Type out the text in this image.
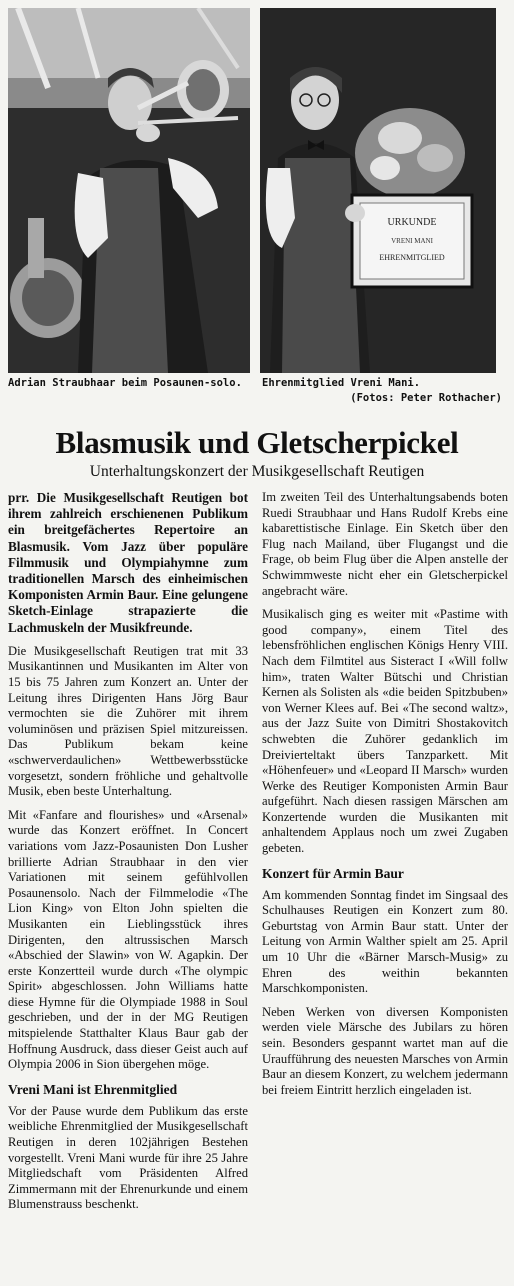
URKUNDE
VRENI MANI
EHRENMITGLIED
Adrian Straubhaar beim Posaunen-solo.	Ehrenmitglied Vreni Mani.
(Fotos: Peter Rothacher)
Blasmusik und Gletscherpickel
Unterhaltungskonzert der Musikgesellschaft Reutigen

prr. Die Musikgesellschaft Reutigen bot ihrem zahlreich erschienenen Publikum ein breitgefächertes Repertoire an Blasmusik. Vom Jazz über populäre Filmmusik und Olympiahymne zum traditionellen Marsch des einheimischen Komponisten Armin Baur. Eine gelungene Sketch-Einlage strapazierte die Lachmuskeln der Musikfreunde.

Die Musikgesellschaft Reutigen trat mit 33 Musikantinnen und Musikanten im Alter von 15 bis 75 Jahren zum Konzert an. Unter der Leitung ihres Dirigenten Hans Jörg Baur vermochten sie die Zuhörer mit ihrem voluminösen und präzisen Spiel mitzureissen. Das Publikum bekam keine «schwerverdaulichen» Wettbewerbsstücke vorgesetzt, sondern fröhliche und gehaltvolle Musik, eben beste Unterhaltung.

Mit «Fanfare and flourishes» und «Arsenal» wurde das Konzert eröffnet. In Concert variations vom Jazz-Posaunisten Don Lusher brillierte Adrian Straubhaar in den vier Variationen mit seinem gefühlvollen Posaunensolo. Nach der Filmmelodie «The Lion King» von Elton John spielten die Musikanten ein Lieblingsstück ihres Dirigenten, den altrussischen Marsch «Abschied der Slawin» von W. Agapkin. Der erste Konzertteil wurde durch «The olympic Spirit» abgeschlossen. John Williams hatte diese Hymne für die Olympiade 1988 in Soul geschrieben, und der in der MG Reutigen mitspielende Statthalter Klaus Baur gab der Hoffnung Ausdruck, dass dieser Geist auch auf Olympia 2006 in Sion übergehen möge.

Vreni Mani ist Ehrenmitglied

Vor der Pause wurde dem Publikum das erste weibliche Ehrenmitglied der Musikgesellschaft Reutigen in deren 102jährigen Bestehen vorgestellt. Vreni Mani wurde für ihre 25 Jahre Mitgliedschaft vom Präsidenten Alfred Zimmermann mit der Ehrenurkunde und einem Blumenstrauss beschenkt.

Im zweiten Teil des Unterhaltungsabends boten Ruedi Straubhaar und Hans Rudolf Krebs eine kabarettistische Einlage. Ein Sketch über den Flug nach Mailand, über Flugangst und die Frage, ob beim Flug über die Alpen anstelle der Schwimmweste nicht eher ein Gletscherpickel angebracht wäre.

Musikalisch ging es weiter mit «Pastime with good company», einem Titel des lebensfröhlichen englischen Königs Henry VIII. Nach dem Filmtitel aus Sisteract I «Will follw him», traten Walter Bütschi und Christian Kernen als Solisten als «die beiden Spitzbuben» von Werner Klees auf. Bei «The second waltz», aus der Jazz Suite von Dimitri Shostakovitch schwebten die Zuhörer gedanklich im Dreivierteltakt übers Tanzparkett. Mit «Höhenfeuer» und «Leopard II Marsch» wurden Werke des Reutiger Komponisten Armin Baur aufgeführt. Nach diesen rassigen Märschen am Konzertende wurden die Musikanten mit anhaltendem Applaus noch um zwei Zugaben gebeten.

Konzert für Armin Baur

Am kommenden Sonntag findet im Singsaal des Schulhauses Reutigen ein Konzert zum 80. Geburtstag von Armin Baur statt. Unter der Leitung von Armin Walther spielt am 25. April um 10 Uhr die «Bärner Marsch-Musig» zu Ehren des weithin bekannten Marschkomponisten.

Neben Werken von diversen Komponisten werden viele Märsche des Jubilars zu hören sein. Besonders gespannt wartet man auf die Uraufführung des neuesten Marsches von Armin Baur an diesem Konzert, zu welchem jedermann bei freiem Eintritt herzlich eingeladen ist.
